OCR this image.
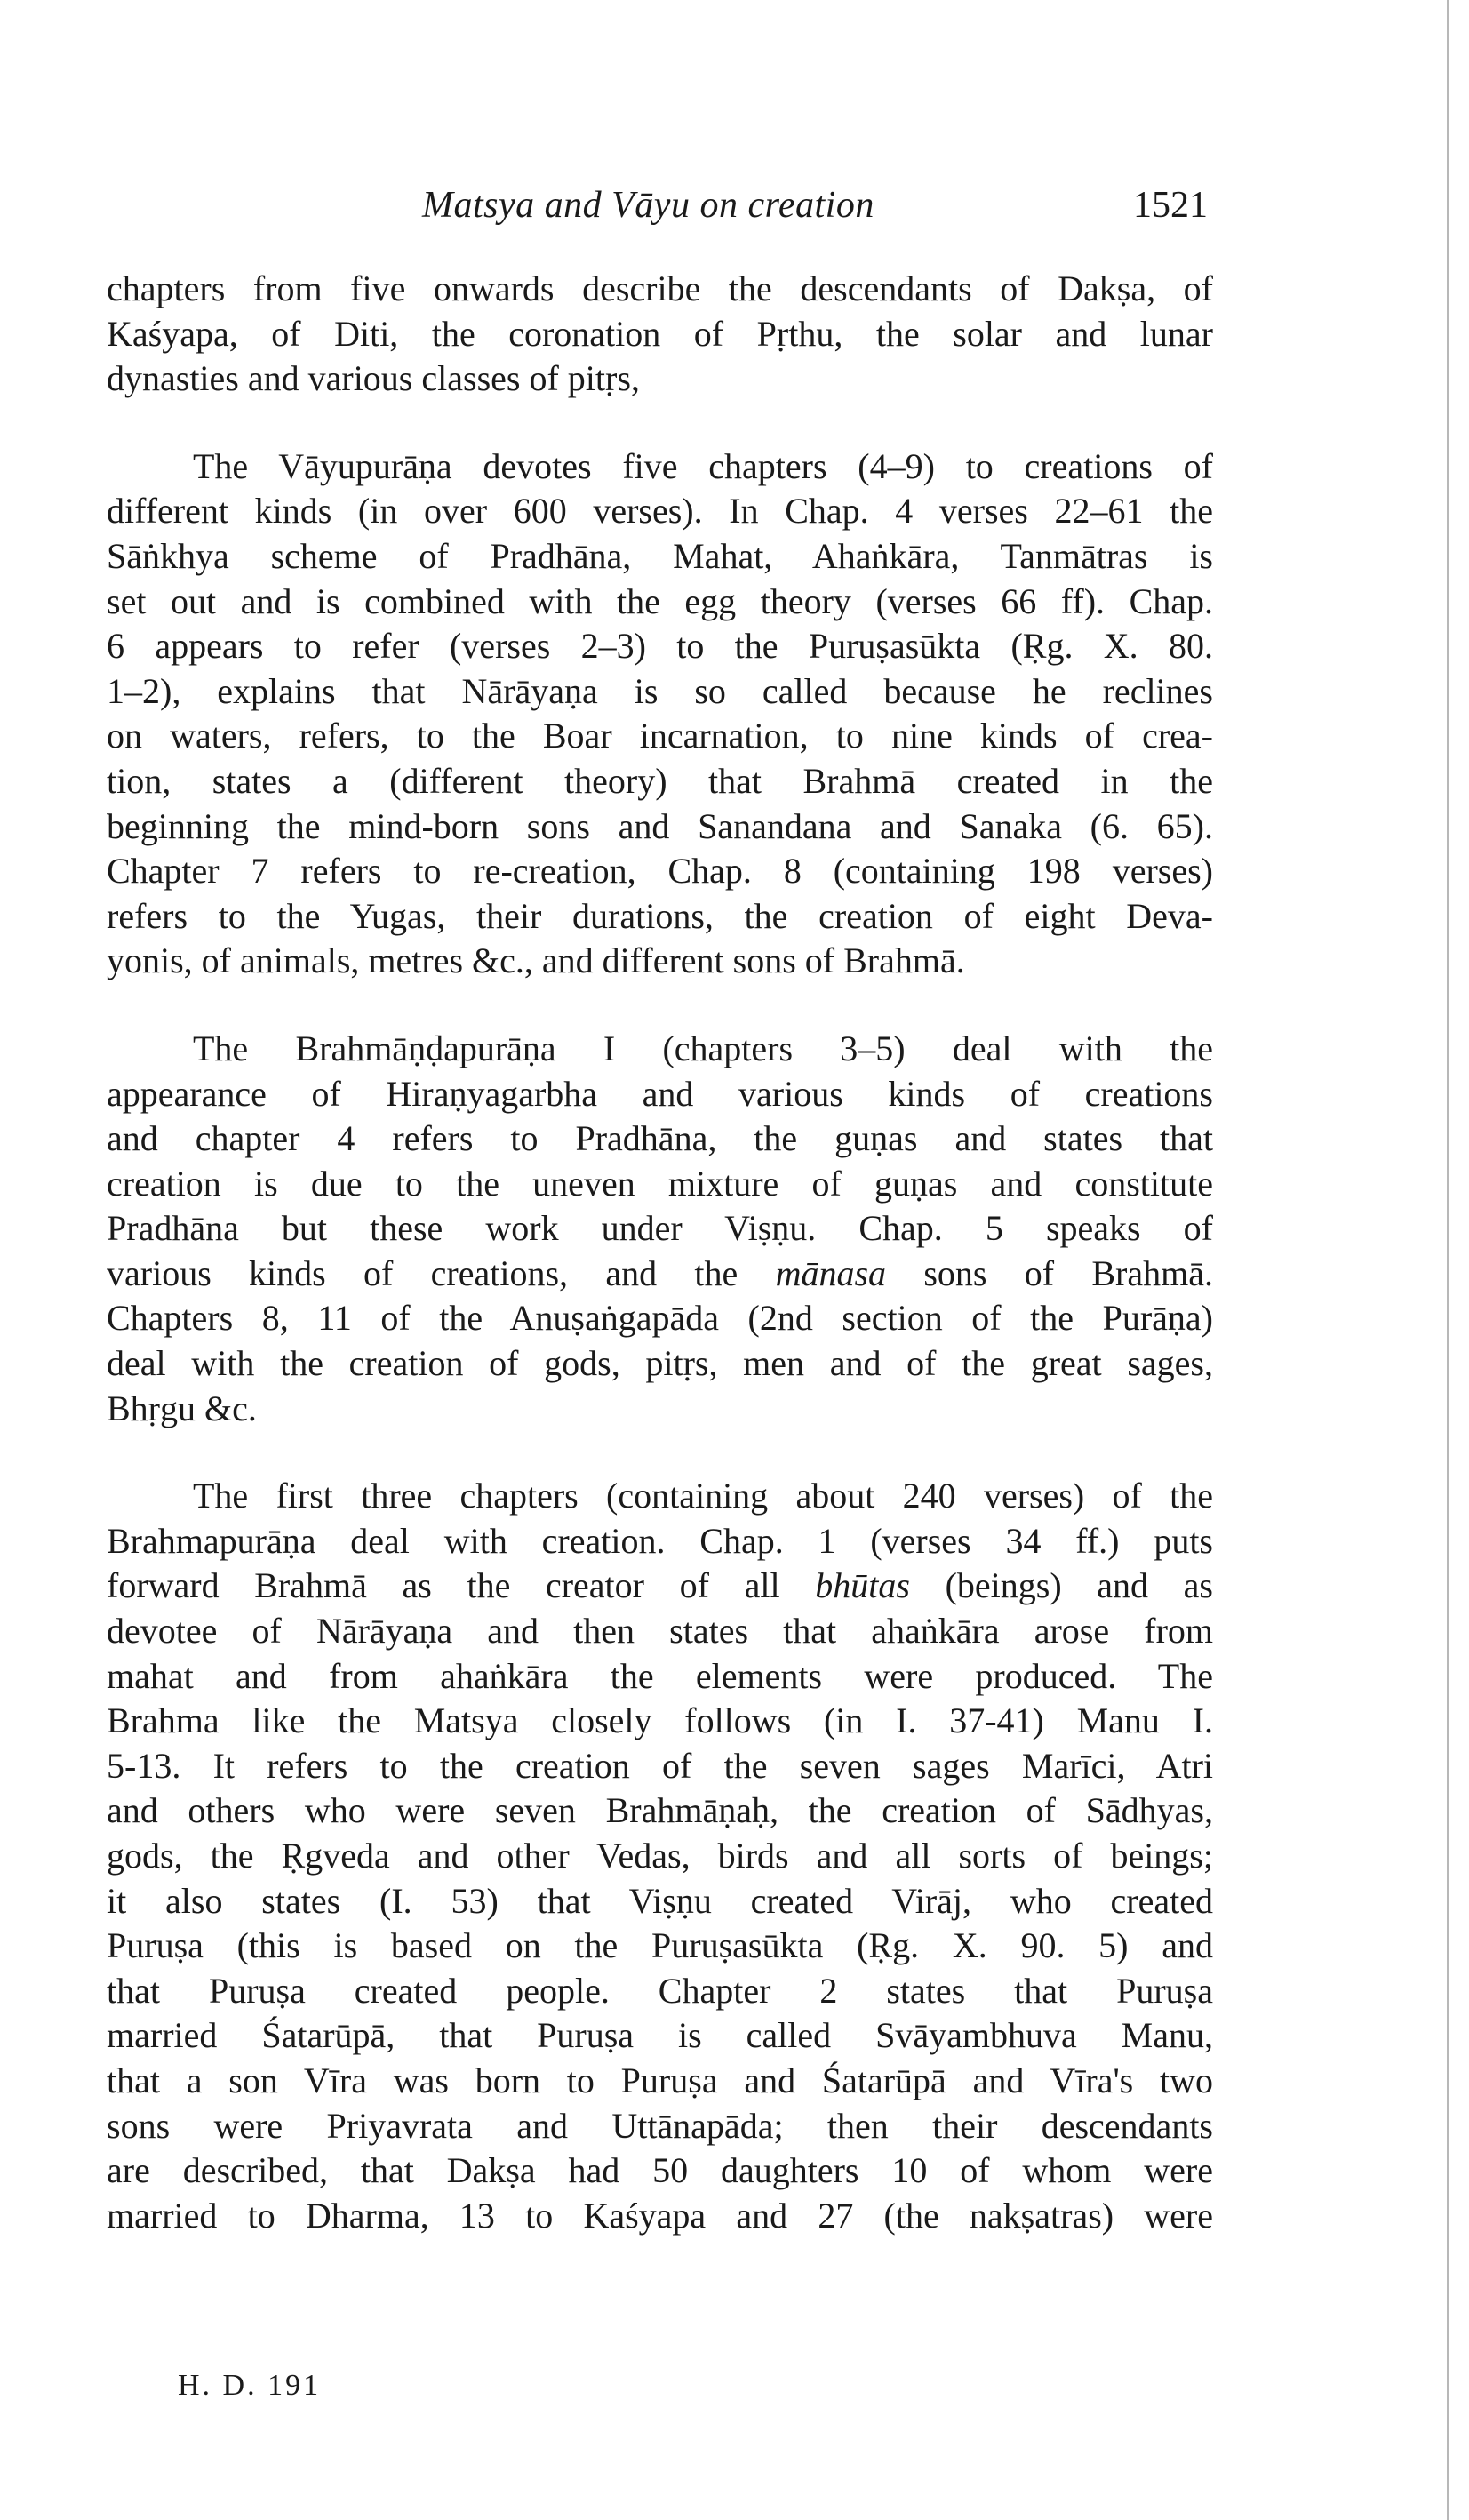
Matsya and Vāyu on creation	1521
chapters from five onwards describe the descendants of Dakṣa, of
Kaśyapa, of Diti, the coronation of Pṛthu, the solar and lunar
dynasties and various classes of pitṛs,
The Vāyupurāṇa devotes five chapters (4–9) to creations of
different kinds (in over 600 verses). In Chap. 4 verses 22–61 the
Sāṅkhya scheme of Pradhāna, Mahat, Ahaṅkāra, Tanmātras is
set out and is combined with the egg theory (verses 66 ff). Chap.
6 appears to refer (verses 2–3) to the Puruṣasūkta (Ṛg. X. 80.
1–2), explains that Nārāyaṇa is so called because he reclines
on waters, refers, to the Boar incarnation, to nine kinds of crea-
tion, states a (different theory) that Brahmā created in the
beginning the mind-born sons and Sanandana and Sanaka (6. 65).
Chapter 7 refers to re-creation, Chap. 8 (containing 198 verses)
refers to the Yugas, their durations, the creation of eight Deva-
yonis, of animals, metres &c., and different sons of Brahmā.
The Brahmāṇḍapurāṇa I (chapters 3–5) deal with the
appearance of Hiraṇyagarbha and various kinds of creations
and chapter 4 refers to Pradhāna, the guṇas and states that
creation is due to the uneven mixture of guṇas and constitute
Pradhāna but these work under Viṣṇu. Chap. 5 speaks of
various kinds of creations, and the mānasa sons of Brahmā.
Chapters 8, 11 of the Anuṣaṅgapāda (2nd section of the Purāṇa)
deal with the creation of gods, pitṛs, men and of the great sages,
Bhṛgu &c.
The first three chapters (containing about 240 verses) of the
Brahmapurāṇa deal with creation. Chap. 1 (verses 34 ff.) puts
forward Brahmā as the creator of all bhūtas (beings) and as
devotee of Nārāyaṇa and then states that ahaṅkāra arose from
mahat and from ahaṅkāra the elements were produced. The
Brahma like the Matsya closely follows (in I. 37-41) Manu I.
5-13. It refers to the creation of the seven sages Marīci, Atri
and others who were seven Brahmāṇaḥ, the creation of Sādhyas,
gods, the Ṛgveda and other Vedas, birds and all sorts of beings;
it also states (I. 53) that Viṣṇu created Virāj, who created
Puruṣa (this is based on the Puruṣasūkta (Ṛg. X. 90. 5) and
that Puruṣa created people. Chapter 2 states that Puruṣa
married Śatarūpā, that Puruṣa is called Svāyambhuva Manu,
that a son Vīra was born to Puruṣa and Śatarūpā and Vīra's two
sons were Priyavrata and Uttānapāda; then their descendants
are described, that Dakṣa had 50 daughters 10 of whom were
married to Dharma, 13 to Kaśyapa and 27 (the nakṣatras) were
H. D. 191
